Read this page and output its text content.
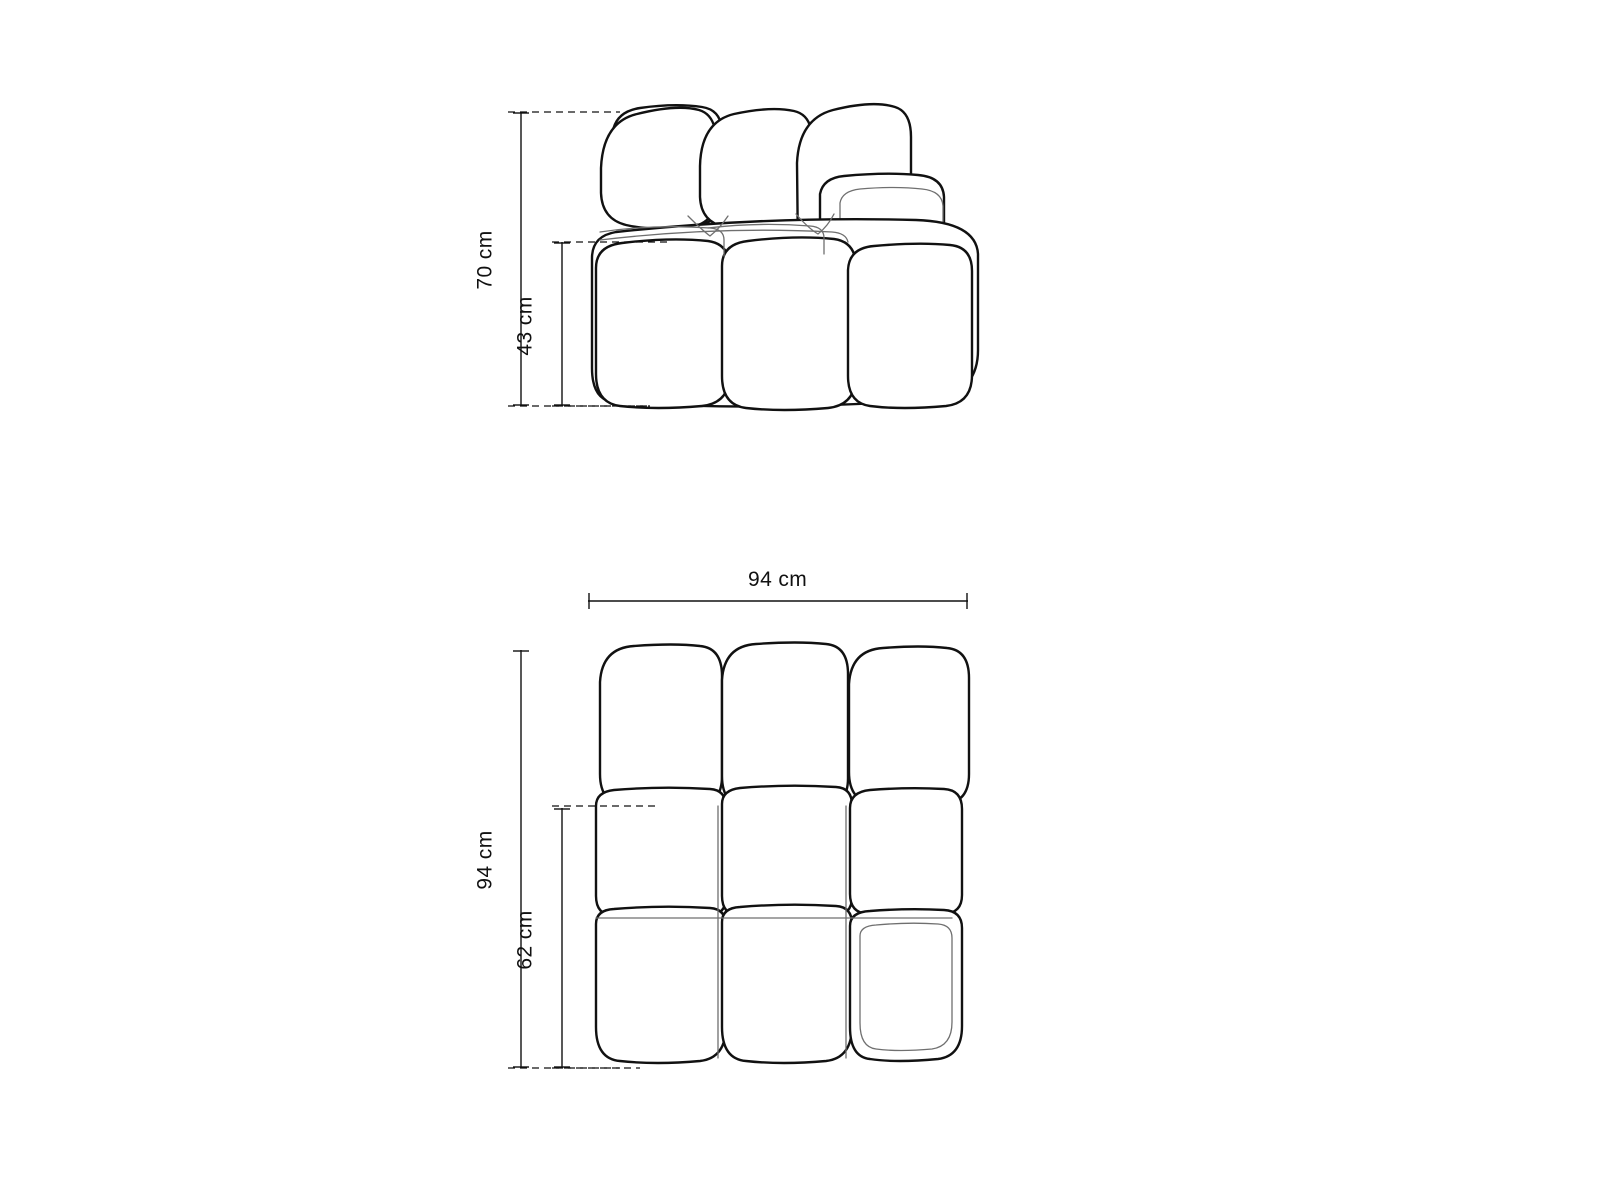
70 cm
43 cm
94 cm
94 cm
62 cm
